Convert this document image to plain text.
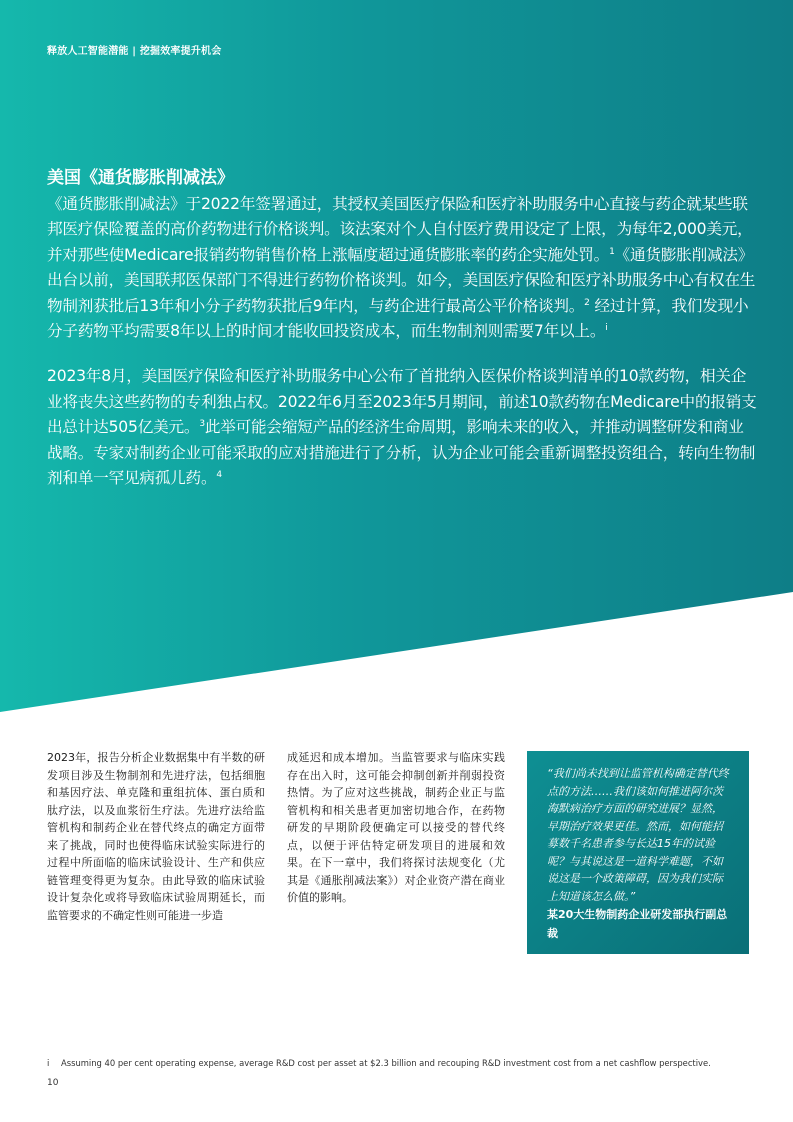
释放人工智能潜能 | 挖掘效率提升机会
美国《通货膨胀削减法》

《通货膨胀削减法》于2022年签署通过，其授权美国医疗保险和医疗补助服务中心直接与药企就某些联邦医疗保险覆盖的高价药物进行价格谈判。该法案对个人自付医疗费用设定了上限，为每年2,000美元，并对那些使Medicare报销药物销售价格上涨幅度超过通货膨胀率的药企实施处罚。$^1$《通货膨胀削减法》出台以前，美国联邦医保部门不得进行药物价格谈判。如今，美国医疗保险和医疗补助服务中心有权在生物制剂获批后13年和小分子药物获批后9年内，与药企进行最高公平价格谈判。$^2$ 经过计算，我们发现小分子药物平均需要8年以上的时间才能收回投资成本，而生物制剂则需要7年以上。$^i$

2023年8月，美国医疗保险和医疗补助服务中心公布了首批纳入医保价格谈判清单的10款药物，相关企业将丧失这些药物的专利独占权。2022年6月至2023年5月期间，前述10款药物在Medicare中的报销支出总计达505亿美元。$^3$此举可能会缩短产品的经济生命周期，影响未来的收入，并推动调整研发和商业战略。专家对制药企业可能采取的应对措施进行了分析，认为企业可能会重新调整投资组合，转向生物制剂和单一罕见病孤儿药。$^4$

2023年，报告分析企业数据集中有半数的研发项目涉及生物制剂和先进疗法，包括细胞和基因疗法、单克隆和重组抗体、蛋白质和肽疗法，以及血浆衍生疗法。先进疗法给监管机构和制药企业在替代终点的确定方面带来了挑战，同时也使得临床试验实际进行的过程中所面临的临床试验设计、生产和供应链管理变得更为复杂。由此导致的临床试验设计复杂化或将导致临床试验周期延长，而监管要求的不确定性则可能进一步造
成延迟和成本增加。当监管要求与临床实践存在出入时，这可能会抑制创新并削弱投资热情。为了应对这些挑战，制药企业正与监管机构和相关患者更加密切地合作，在药物研发的早期阶段便确定可以接受的替代终点，以便于评估特定研发项目的进展和效果。在下一章中，我们将探讨法规变化（尤其是《通胀削减法案》）对企业资产潜在商业价值的影响。
“我们尚未找到让监管机构确定替代终点的方法……我们该如何推进阿尔茨海默病治疗方面的研究进展？显然，早期治疗效果更佳。然而，如何能招募数千名患者参与长达15年的试验呢？与其说这是一道科学难题，不如说这是一个政策障碍，因为我们实际上知道该怎么做。”
某20大生物制药企业研发部执行副总裁
i Assuming 40 per cent operating expense, average R&D cost per asset at $2.3 billion and recouping R&D investment cost from a net cashflow perspective.
10
